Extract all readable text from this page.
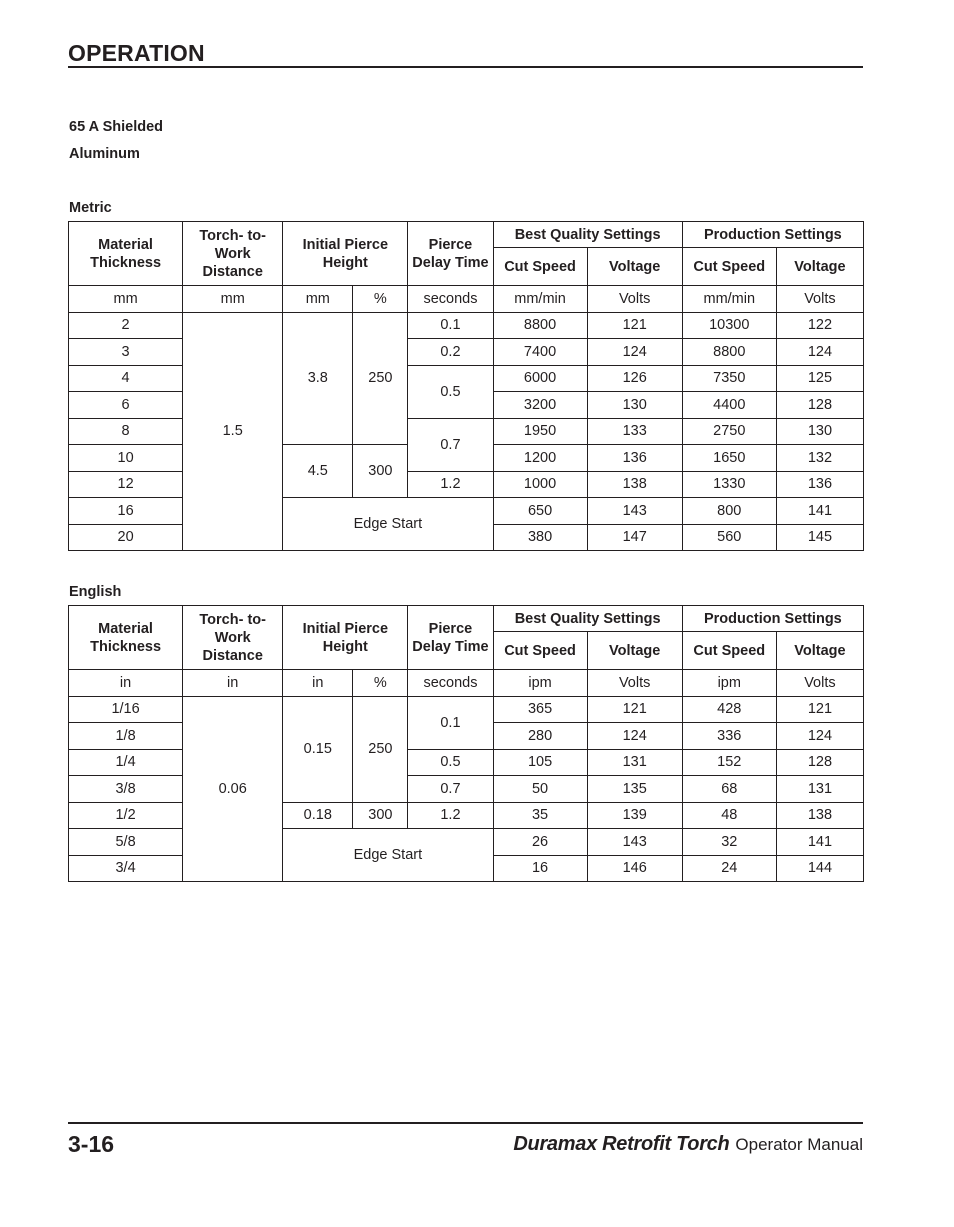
OPERATION
65 A Shielded
Aluminum
Metric
Material Thickness	Torch- to-Work Distance	Initial Pierce Height		Pierce Delay Time	Best Quality Settings		Production Settings	
					Cut Speed	Voltage	Cut Speed	Voltage
mm	mm	mm	%	seconds	mm/min	Volts	mm/min	Volts
2	1.5	3.8	250	0.1	8800	121	10300	122
3				0.2	7400	124	8800	124
4				0.5	6000	126	7350	125
6					3200	130	4400	128
8				0.7	1950	133	2750	130
10		4.5	300		1200	136	1650	132
12				1.2	1000	138	1330	136
16		Edge Start			650	143	800	141
20					380	147	560	145
English
Material Thickness	Torch- to-Work Distance	Initial Pierce Height		Pierce Delay Time	Best Quality Settings		Production Settings	
					Cut Speed	Voltage	Cut Speed	Voltage
in	in	in	%	seconds	ipm	Volts	ipm	Volts
1/16	0.06	0.15	250	0.1	365	121	428	121
1/8					280	124	336	124
1/4				0.5	105	131	152	128
3/8				0.7	50	135	68	131
1/2		0.18	300	1.2	35	139	48	138
5/8		Edge Start			26	143	32	141
3/4					16	146	24	144
3-16	Duramax Retrofit Torch Operator Manual
